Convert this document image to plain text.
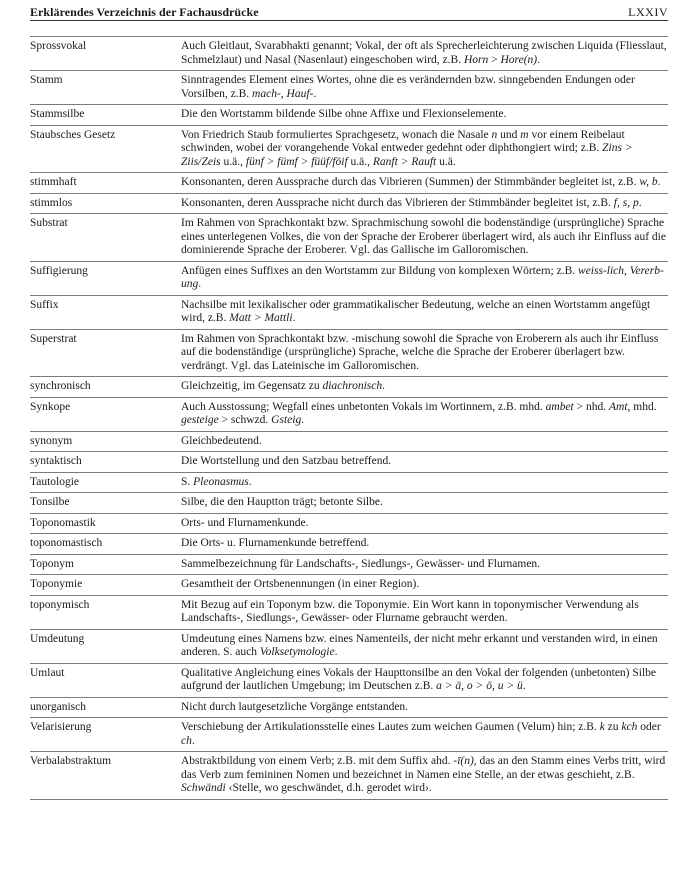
Erklärendes Verzeichnis der Fachausdrücke	LXXIV
Sprossvokal	Auch Gleitlaut, Svarabhakti genannt; Vokal, der oft als Sprecherleichterung zwischen Liquida (Fliesslaut, Schmelzlaut) und Nasal (Nasenlaut) eingeschoben wird, z.B. Horn > Hore(n).
Stamm	Sinntragendes Element eines Wortes, ohne die es verändernden bzw. sinngebenden Endungen oder Vorsilben, z.B. mach-, Hauf-.
Stammsilbe	Die den Wortstamm bildende Silbe ohne Affixe und Flexionselemente.
Staubsches Gesetz	Von Friedrich Staub formuliertes Sprachgesetz, wonach die Nasale n und m vor einem Reibelaut schwinden, wobei der vorangehende Vokal entweder gedehnt oder diphthongiert wird; z.B. Zins > Ziis/Zeis u.ä., fünf > fümf > füüf/föif u.ä., Ranft > Rauft u.ä.
stimmhaft	Konsonanten, deren Aussprache durch das Vibrieren (Summen) der Stimmbänder begleitet ist, z.B. w, b.
stimmlos	Konsonanten, deren Aussprache nicht durch das Vibrieren der Stimmbänder begleitet ist, z.B. f, s, p.
Substrat	Im Rahmen von Sprachkontakt bzw. Sprachmischung sowohl die bodenständige (ursprüngliche) Sprache eines unterlegenen Volkes, die von der Sprache der Eroberer überlagert wird, als auch ihr Einfluss auf die dominierende Sprache der Eroberer. Vgl. das Gallische im Galloromischen.
Suffigierung	Anfügen eines Suffixes an den Wortstamm zur Bildung von komplexen Wörtern; z.B. weiss-lich, Vererb-ung.
Suffix	Nachsilbe mit lexikalischer oder grammatikalischer Bedeutung, welche an einen Wortstamm angefügt wird, z.B. Matt > Mattli.
Superstrat	Im Rahmen von Sprachkontakt bzw. -mischung sowohl die Sprache von Eroberern als auch ihr Einfluss auf die bodenständige (ursprüngliche) Sprache, welche die Sprache der Eroberer überlagert bzw. verdrängt. Vgl. das Lateinische im Galloromischen.
synchronisch	Gleichzeitig, im Gegensatz zu diachronisch.
Synkope	Auch Ausstossung; Wegfall eines unbetonten Vokals im Wortinnern, z.B. mhd. ambet > nhd. Amt, mhd. gesteige > schwzd. Gsteig.
synonym	Gleichbedeutend.
syntaktisch	Die Wortstellung und den Satzbau betreffend.
Tautologie	S. Pleonasmus.
Tonsilbe	Silbe, die den Hauptton trägt; betonte Silbe.
Toponomastik	Orts- und Flurnamenkunde.
toponomastisch	Die Orts- u. Flurnamenkunde betreffend.
Toponym	Sammelbezeichnung für Landschafts-, Siedlungs-, Gewässer- und Flurnamen.
Toponymie	Gesamtheit der Ortsbenennungen (in einer Region).
toponymisch	Mit Bezug auf ein Toponym bzw. die Toponymie. Ein Wort kann in toponymischer Verwendung als Landschafts-, Siedlungs-, Gewässer- oder Flurname gebraucht werden.
Umdeutung	Umdeutung eines Namens bzw. eines Namenteils, der nicht mehr erkannt und verstanden wird, in einen anderen. S. auch Volksetymologie.
Umlaut	Qualitative Angleichung eines Vokals der Haupttonsilbe an den Vokal der folgenden (unbetonten) Silbe aufgrund der lautlichen Umgebung; im Deutschen z.B. a > ä, o > ö, u > ü.
unorganisch	Nicht durch lautgesetzliche Vorgänge entstanden.
Velarisierung	Verschiebung der Artikulationsstelle eines Lautes zum weichen Gaumen (Velum) hin; z.B. k zu kch oder ch.
Verbalabstraktum	Abstraktbildung von einem Verb; z.B. mit dem Suffix ahd. -ī(n), das an den Stamm eines Verbs tritt, wird das Verb zum femininen Nomen und bezeichnet in Namen eine Stelle, an der etwas geschieht, z.B. Schwändi ‹Stelle, wo geschwändet, d.h. gerodet wird›.
